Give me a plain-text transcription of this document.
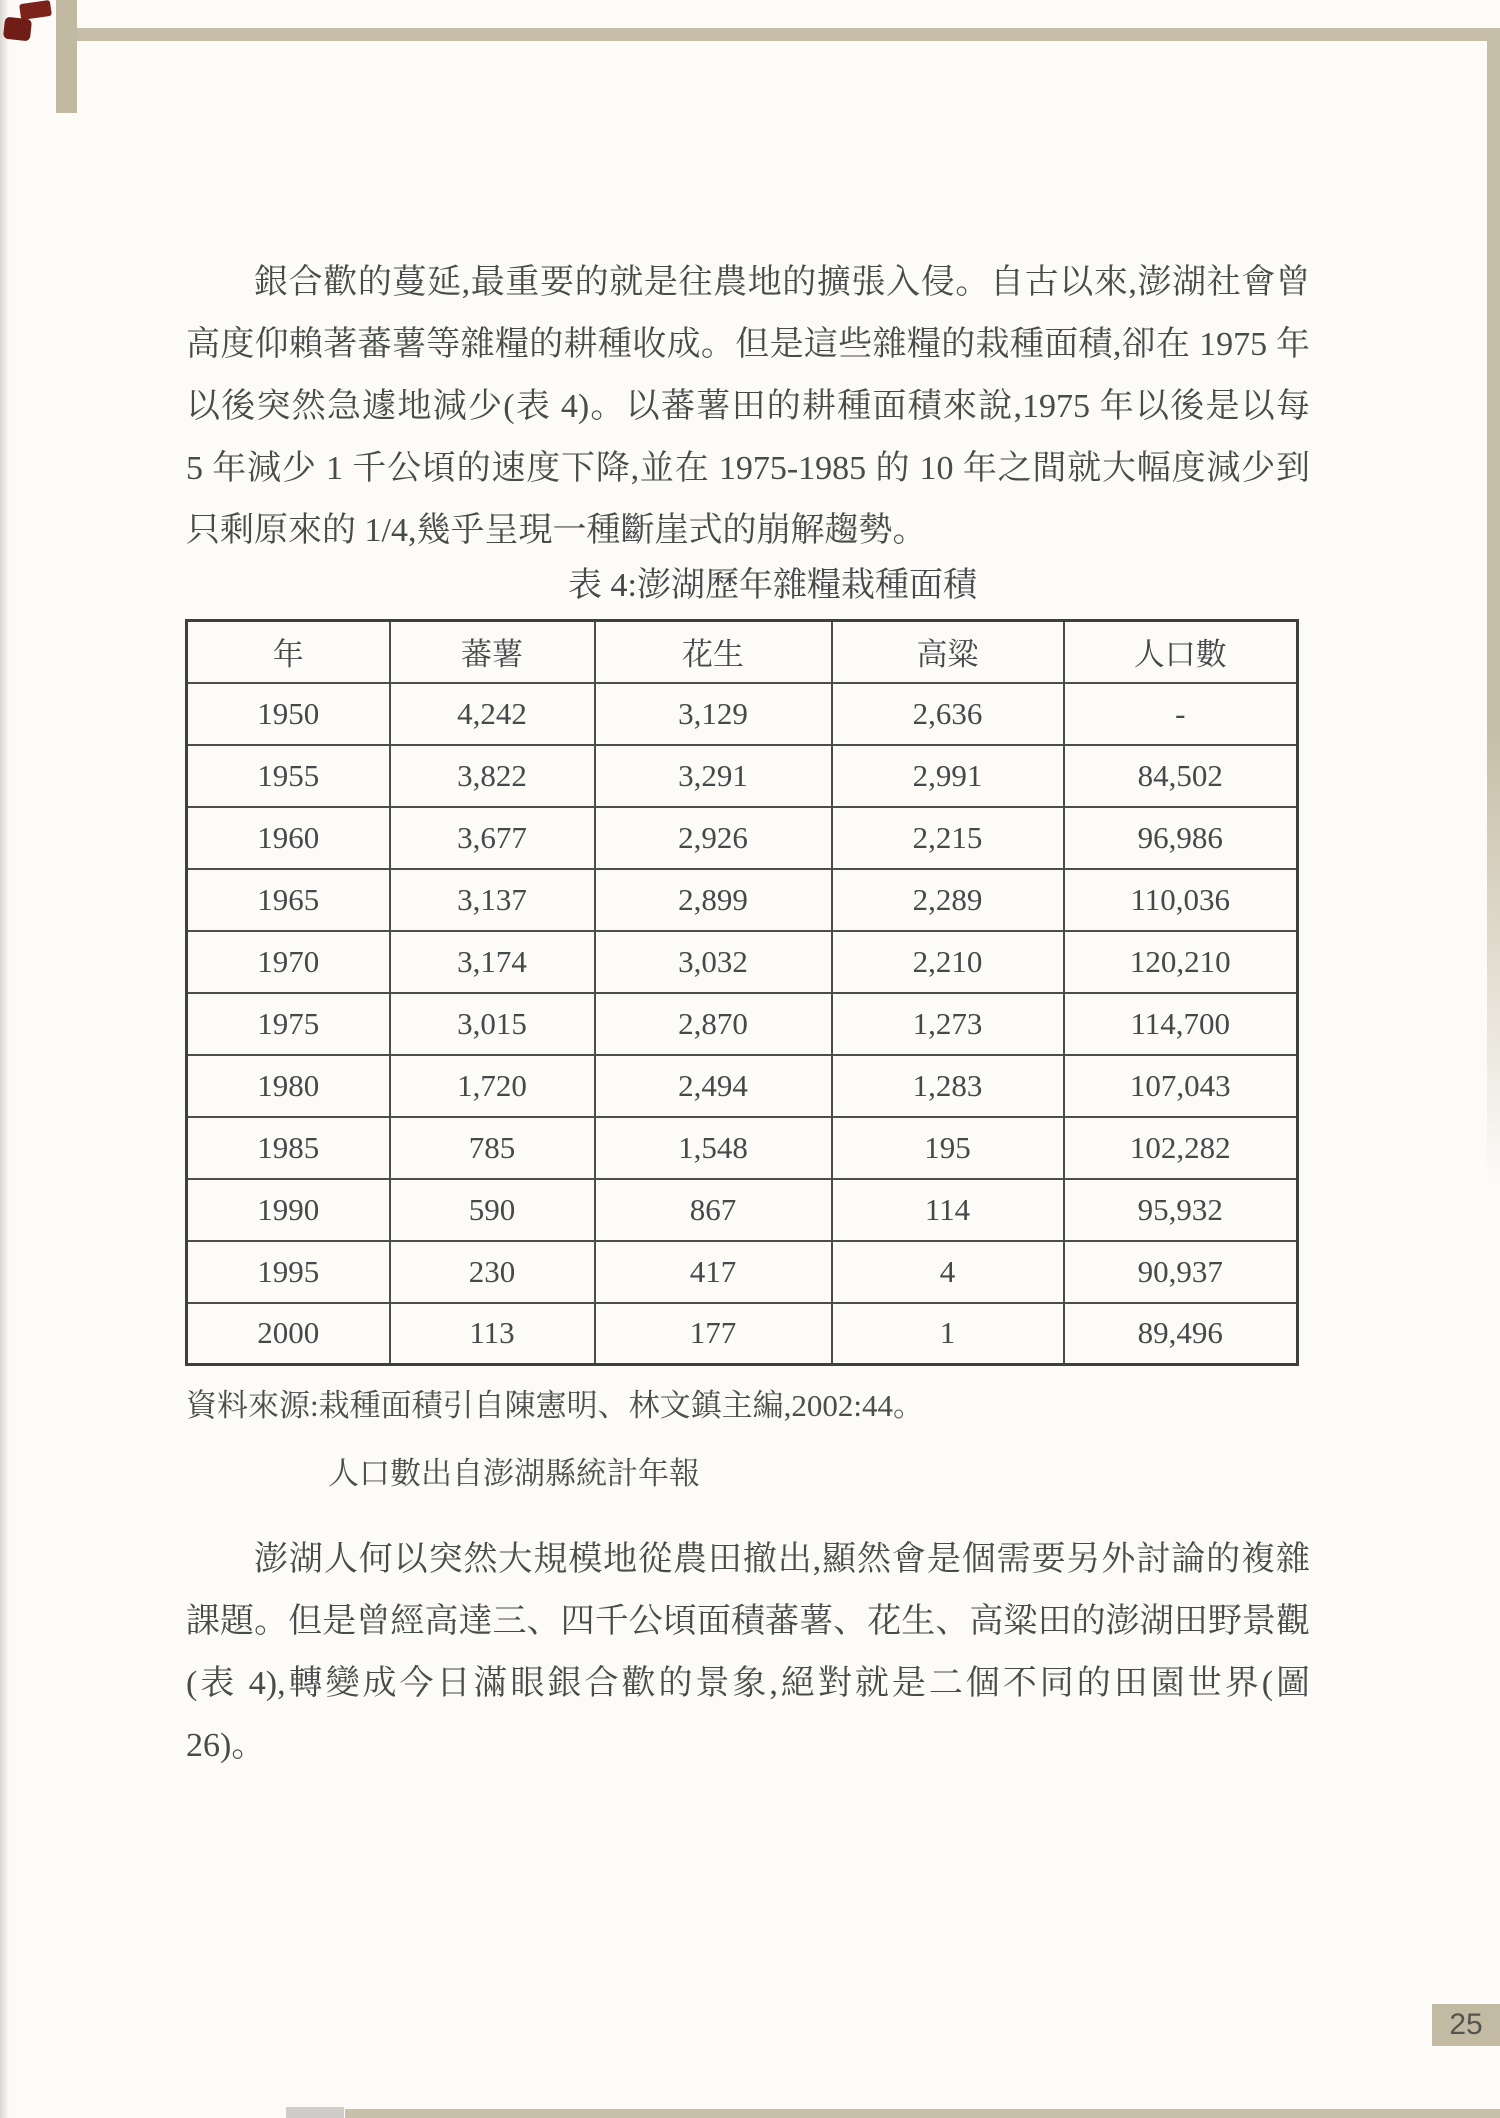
銀合歡的蔓延,最重要的就是往農地的擴張入侵。自古以來,澎湖社會曾
高度仰賴著蕃薯等雜糧的耕種收成。但是這些雜糧的栽種面積,卻在 1975 年
以後突然急遽地減少(表 4)。以蕃薯田的耕種面積來說,1975 年以後是以每
5 年減少 1 千公頃的速度下降,並在 1975-1985 的 10 年之間就大幅度減少到
只剩原來的 1/4,幾乎呈現一種斷崖式的崩解趨勢。
表 4:澎湖歷年雜糧栽種面積
年	蕃薯	花生	高粱	人口數
1950	4,242	3,129	2,636	-
1955	3,822	3,291	2,991	84,502
1960	3,677	2,926	2,215	96,986
1965	3,137	2,899	2,289	110,036
1970	3,174	3,032	2,210	120,210
1975	3,015	2,870	1,273	114,700
1980	1,720	2,494	1,283	107,043
1985	785	1,548	195	102,282
1990	590	867	114	95,932
1995	230	417	4	90,937
2000	113	177	1	89,496
資料來源:栽種面積引自陳憲明、林文鎮主編,2002:44。
人口數出自澎湖縣統計年報
澎湖人何以突然大規模地從農田撤出,顯然會是個需要另外討論的複雜
課題。但是曾經高達三、四千公頃面積蕃薯、花生、高粱田的澎湖田野景觀
(表 4),轉變成今日滿眼銀合歡的景象,絕對就是二個不同的田園世界(圖
26)。
25
